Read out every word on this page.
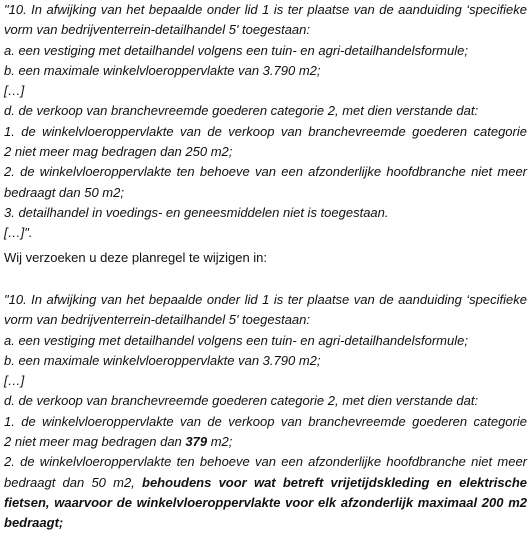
"10. In afwijking van het bepaalde onder lid 1 is ter plaatse van de aanduiding ‘specifieke
vorm van bedrijventerrein-detailhandel 5' toegestaan:
a. een vestiging met detailhandel volgens een tuin- en agri-detailhandelsformule;
b. een maximale winkelvloeroppervlakte van 3.790 m2;
[…]
d. de verkoop van branchevreemde goederen categorie 2, met dien verstande dat:
1. de winkelvloeroppervlakte van de verkoop van branchevreemde goederen categorie
2 niet meer mag bedragen dan 250 m2;
2. de winkelvloeroppervlakte ten behoeve van een afzonderlijke hoofdbranche niet meer
bedraagt dan 50 m2;
3. detailhandel in voedings- en geneesmiddelen niet is toegestaan.
[…]".
Wij verzoeken u deze planregel te wijzigen in:
"10. In afwijking van het bepaalde onder lid 1 is ter plaatse van de aanduiding ‘specifieke
vorm van bedrijventerrein-detailhandel 5' toegestaan:
a. een vestiging met detailhandel volgens een tuin- en agri-detailhandelsformule;
b. een maximale winkelvloeroppervlakte van 3.790 m2;
[…]
d. de verkoop van branchevreemde goederen categorie 2, met dien verstande dat:
1. de winkelvloeroppervlakte van de verkoop van branchevreemde goederen categorie
2 niet meer mag bedragen dan 379 m2;
2. de winkelvloeroppervlakte ten behoeve van een afzonderlijke hoofdbranche niet meer
bedraagt dan 50 m2, behoudens voor wat betreft vrijetijdskleding en elektrische
fietsen, waarvoor de winkelvloeroppervlakte voor elk afzonderlijk maximaal 200 m2
bedraagt;
